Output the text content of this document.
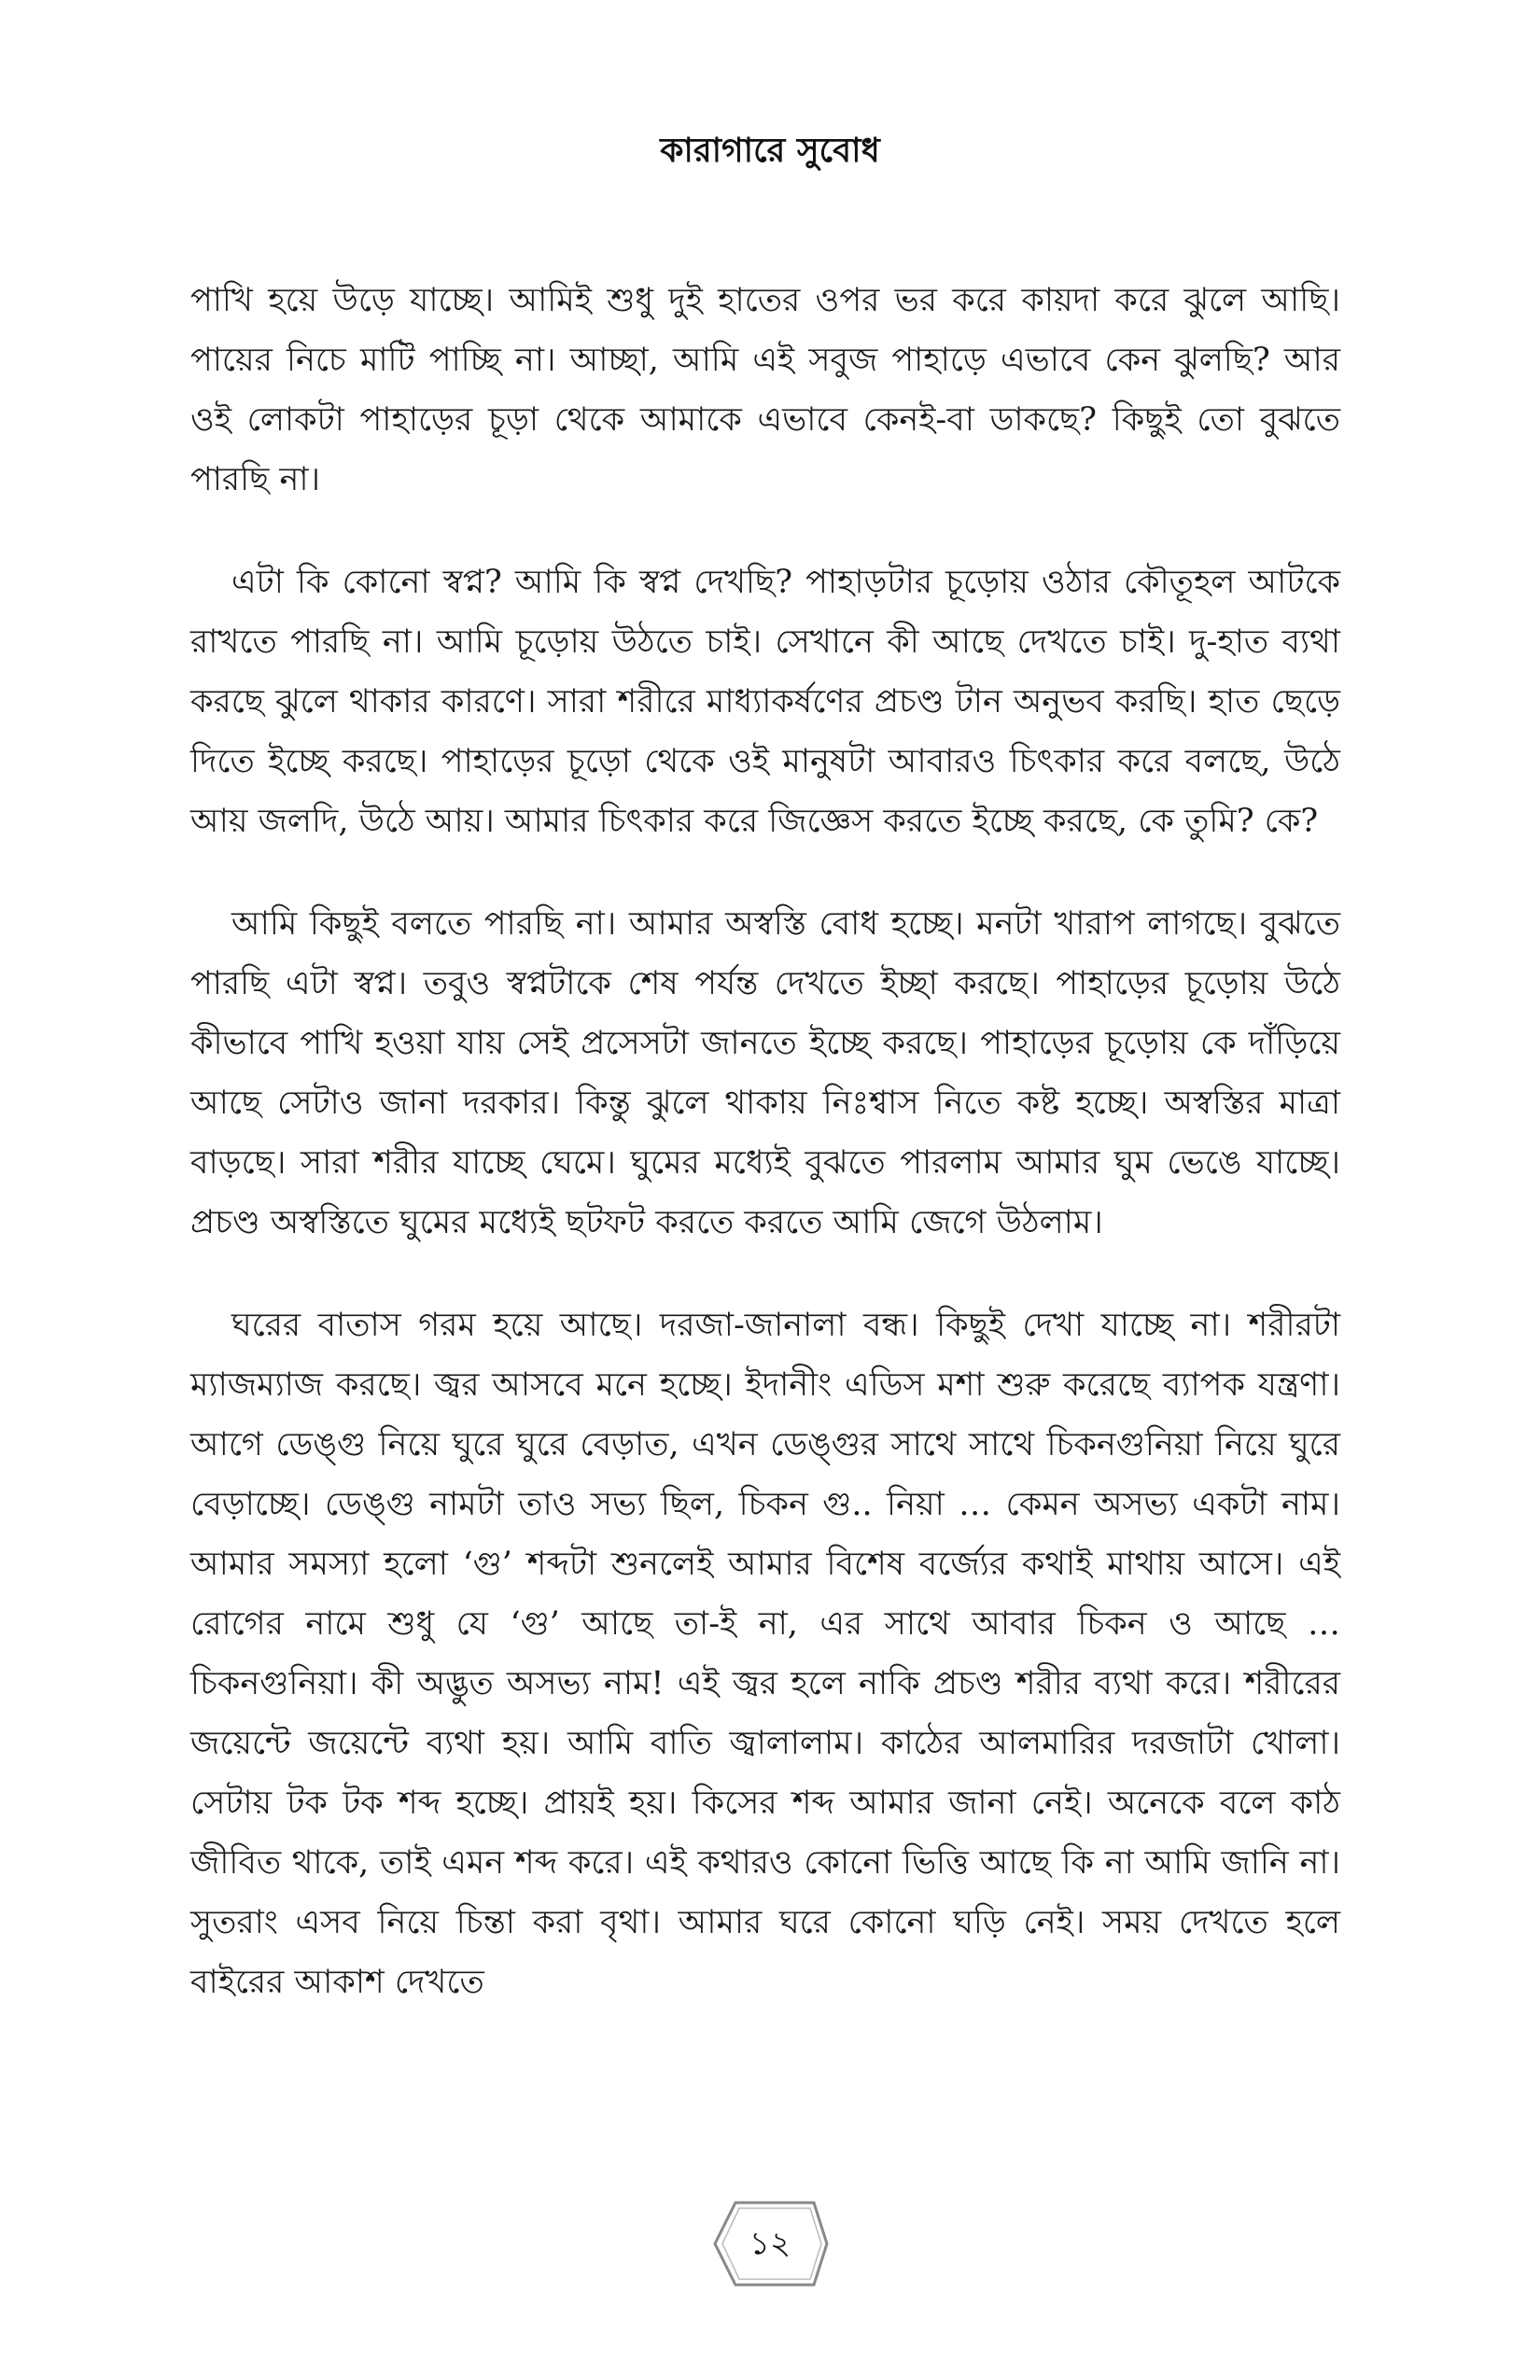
কারাগারে সুবোধ

পাখি হয়ে উড়ে যাচ্ছে। আমিই শুধু দুই হাতের ওপর ভর করে কায়দা করে ঝুলে আছি। পায়ের নিচে মাটি পাচ্ছি না। আচ্ছা, আমি এই সবুজ পাহাড়ে এভাবে কেন ঝুলছি? আর ওই লোকটা পাহাড়ের চূড়া থেকে আমাকে এভাবে কেনই-বা ডাকছে? কিছুই তো বুঝতে পারছি না।

এটা কি কোনো স্বপ্ন? আমি কি স্বপ্ন দেখছি? পাহাড়টার চূড়োয় ওঠার কৌতূহল আটকে রাখতে পারছি না। আমি চূড়োয় উঠতে চাই। সেখানে কী আছে দেখতে চাই। দু-হাত ব্যথা করছে ঝুলে থাকার কারণে। সারা শরীরে মাধ্যাকর্ষণের প্রচণ্ড টান অনুভব করছি। হাত ছেড়ে দিতে ইচ্ছে করছে। পাহাড়ের চূড়ো থেকে ওই মানুষটা আবারও চিৎকার করে বলছে, উঠে আয় জলদি, উঠে আয়। আমার চিৎকার করে জিজ্ঞেস করতে ইচ্ছে করছে, কে তুমি? কে?

আমি কিছুই বলতে পারছি না। আমার অস্বস্তি বোধ হচ্ছে। মনটা খারাপ লাগছে। বুঝতে পারছি এটা স্বপ্ন। তবুও স্বপ্নটাকে শেষ পর্যন্ত দেখতে ইচ্ছা করছে। পাহাড়ের চূড়োয় উঠে কীভাবে পাখি হওয়া যায় সেই প্রসেসটা জানতে ইচ্ছে করছে। পাহাড়ের চূড়োয় কে দাঁড়িয়ে আছে সেটাও জানা দরকার। কিন্তু ঝুলে থাকায় নিঃশ্বাস নিতে কষ্ট হচ্ছে। অস্বস্তির মাত্রা বাড়ছে। সারা শরীর যাচ্ছে ঘেমে। ঘুমের মধ্যেই বুঝতে পারলাম আমার ঘুম ভেঙে যাচ্ছে। প্রচণ্ড অস্বস্তিতে ঘুমের মধ্যেই ছটফট করতে করতে আমি জেগে উঠলাম।

ঘরের বাতাস গরম হয়ে আছে। দরজা-জানালা বন্ধ। কিছুই দেখা যাচ্ছে না। শরীরটা ম্যাজম্যাজ করছে। জ্বর আসবে মনে হচ্ছে। ইদানীং এডিস মশা শুরু করেছে ব্যাপক যন্ত্রণা। আগে ডেঙ্গু নিয়ে ঘুরে ঘুরে বেড়াত, এখন ডেঙ্গুর সাথে সাথে চিকনগুনিয়া নিয়ে ঘুরে বেড়াচ্ছে। ডেঙ্গু নামটা তাও সভ্য ছিল, চিকন গু.. নিয়া … কেমন অসভ্য একটা নাম। আমার সমস্যা হলো ‘গু’ শব্দটা শুনলেই আমার বিশেষ বর্জ্যের কথাই মাথায় আসে। এই রোগের নামে শুধু যে ‘গু’ আছে তা-ই না, এর সাথে আবার চিকন ও আছে … চিকনগুনিয়া। কী অদ্ভুত অসভ্য নাম! এই জ্বর হলে নাকি প্রচণ্ড শরীর ব্যথা করে। শরীরের জয়েন্টে জয়েন্টে ব্যথা হয়। আমি বাতি জ্বালালাম। কাঠের আলমারির দরজাটা খোলা। সেটায় টক টক শব্দ হচ্ছে। প্রায়ই হয়। কিসের শব্দ আমার জানা নেই। অনেকে বলে কাঠ জীবিত থাকে, তাই এমন শব্দ করে। এই কথারও কোনো ভিত্তি আছে কি না আমি জানি না। সুতরাং এসব নিয়ে চিন্তা করা বৃথা। আমার ঘরে কোনো ঘড়ি নেই। সময় দেখতে হলে বাইরের আকাশ দেখতে

১২
